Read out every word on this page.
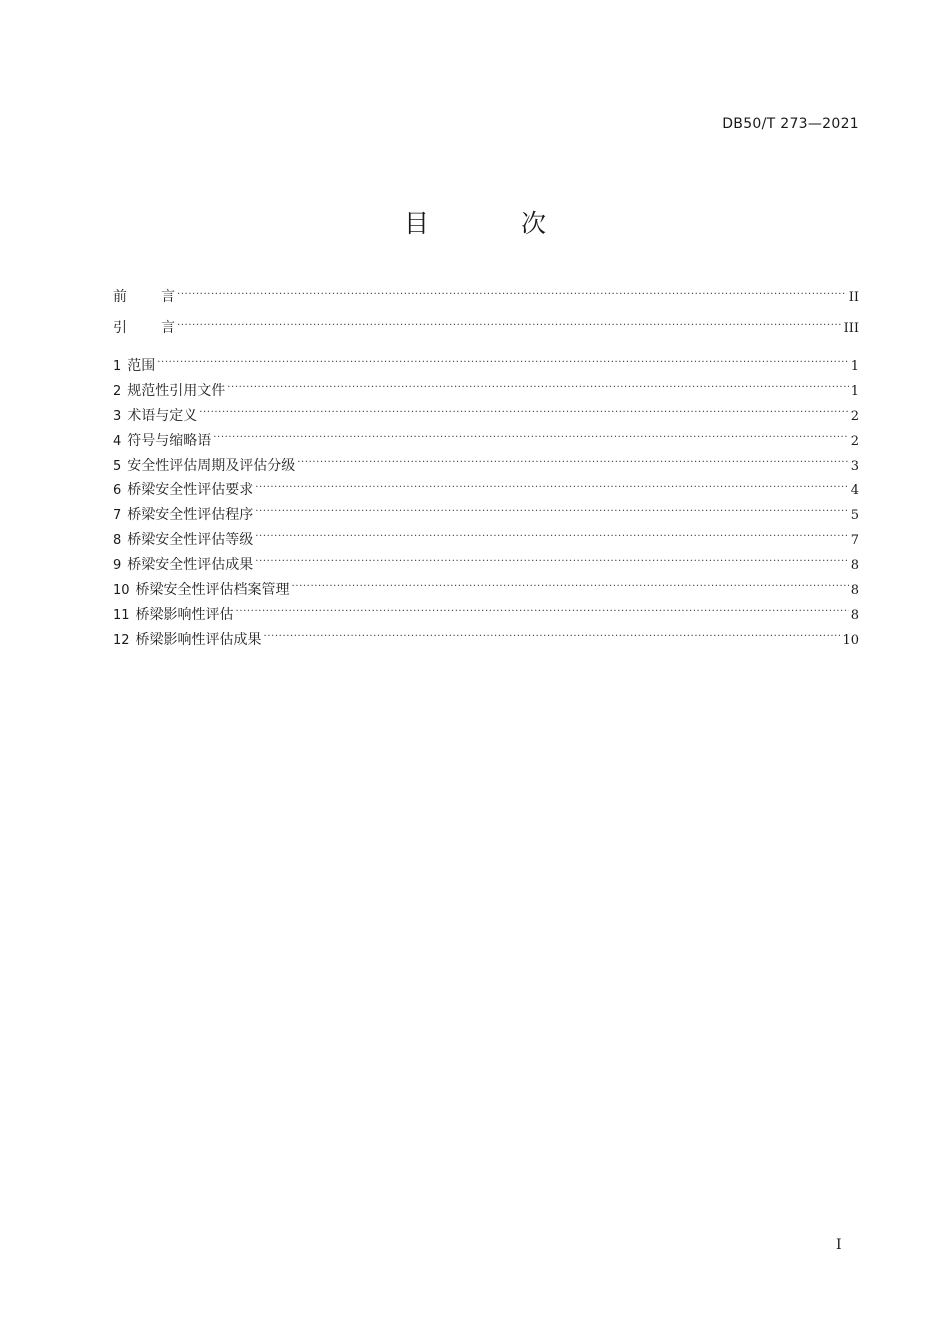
DB50/T 273—2021
目 次
前言 .....	II
引言 .....	III
1 范围 .....	1
2 规范性引用文件 .....	1
3 术语与定义 .....	2
4 符号与缩略语 .....	2
5 安全性评估周期及评估分级 .....	3
6 桥梁安全性评估要求 .....	4
7 桥梁安全性评估程序 .....	5
8 桥梁安全性评估等级 .....	7
9 桥梁安全性评估成果 .....	8
10 桥梁安全性评估档案管理 .....	8
11 桥梁影响性评估 .....	8
12 桥梁影响性评估成果 .....	10
I
